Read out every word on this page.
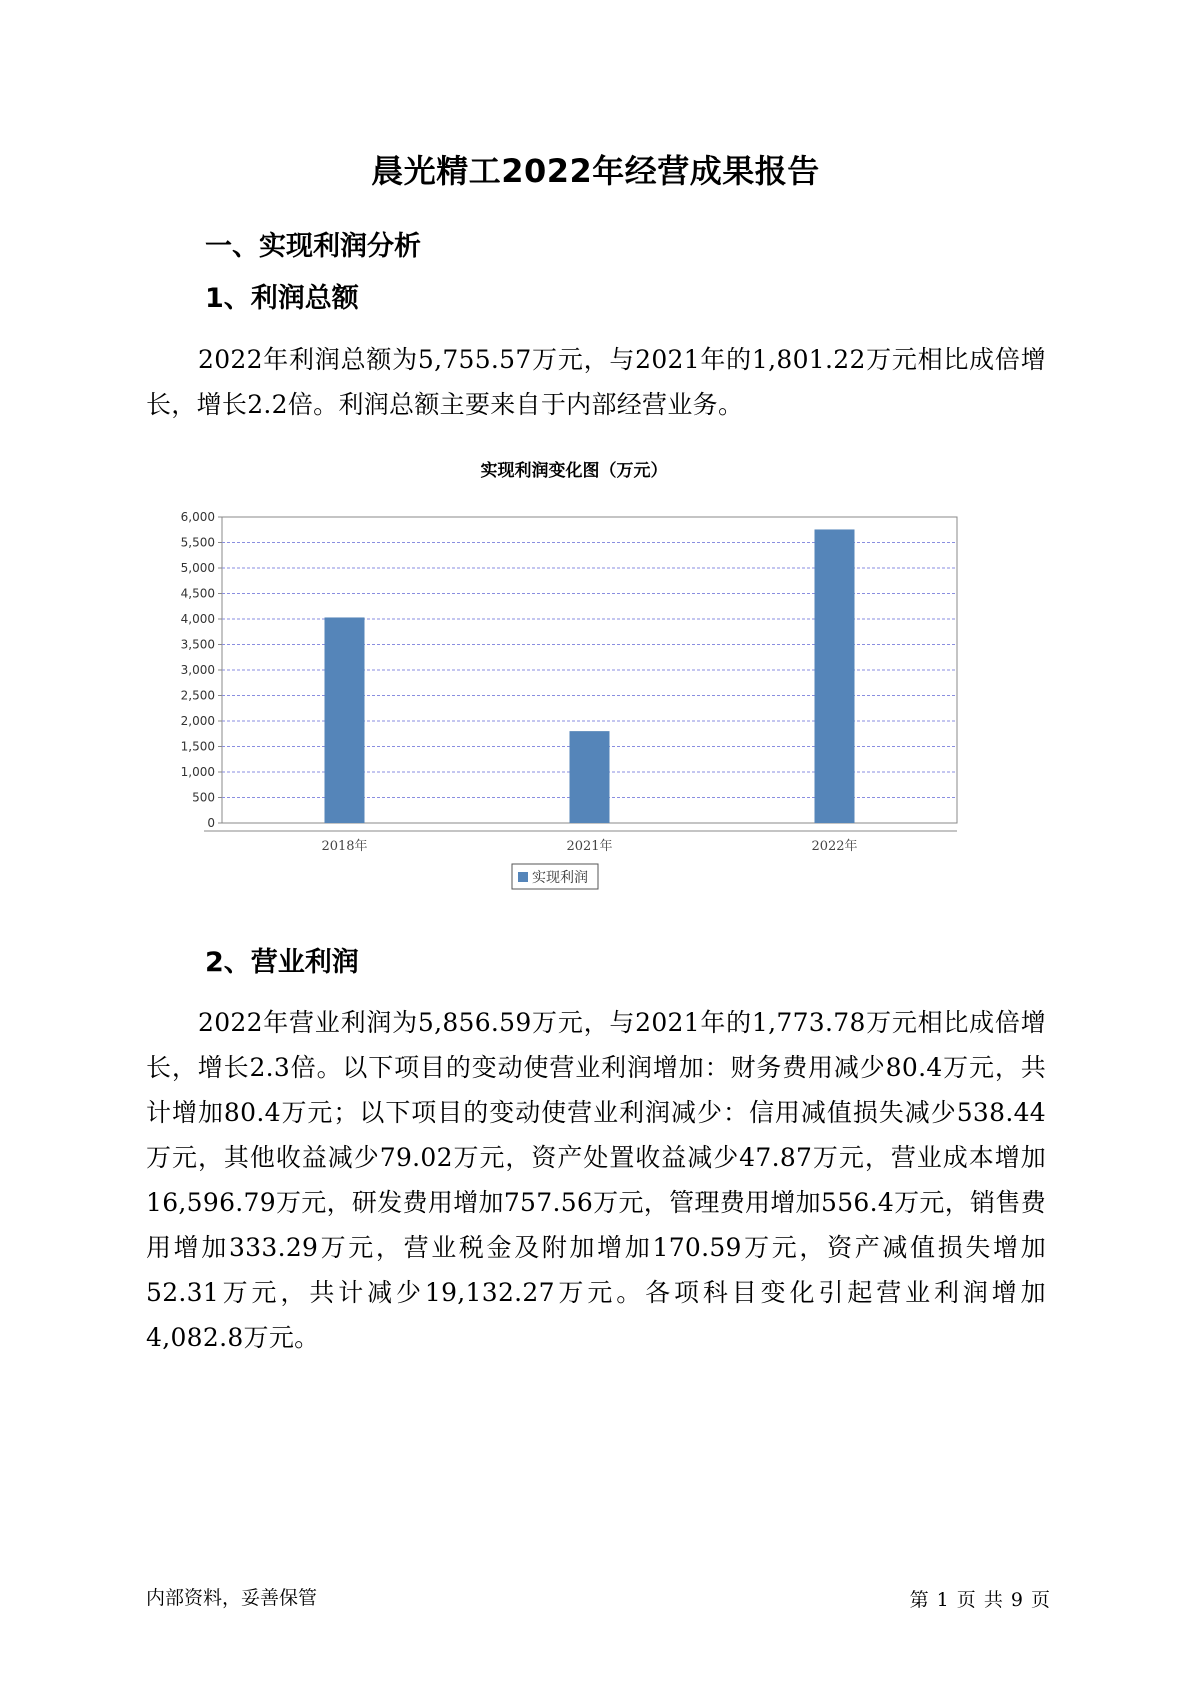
晨光精工2022年经营成果报告
一、实现利润分析
1、利润总额

2022年利润总额为5,755.57万元，与2021年的1,801.22万元相比成倍增长，增长2.2倍。利润总额主要来自于内部经营业务。

实现利润变化图（万元）
0
500
1,000
1,500
2,000
2,500
3,000
3,500
4,000
4,500
5,000
5,500
6,000
2018年	2021年	2022年
实现利润
2、营业利润

2022年营业利润为5,856.59万元，与2021年的1,773.78万元相比成倍增长，增长2.3倍。以下项目的变动使营业利润增加：财务费用减少80.4万元，共计增加80.4万元；以下项目的变动使营业利润减少：信用减值损失减少538.44万元，其他收益减少79.02万元，资产处置收益减少47.87万元，营业成本增加16,596.79万元，研发费用增加757.56万元，管理费用增加556.4万元，销售费用增加333.29万元，营业税金及附加增加170.59万元，资产减值损失增加52.31万元，共计减少19,132.27万元。各项科目变化引起营业利润增加4,082.8万元。

内部资料，妥善保管	第 1 页 共 9 页
